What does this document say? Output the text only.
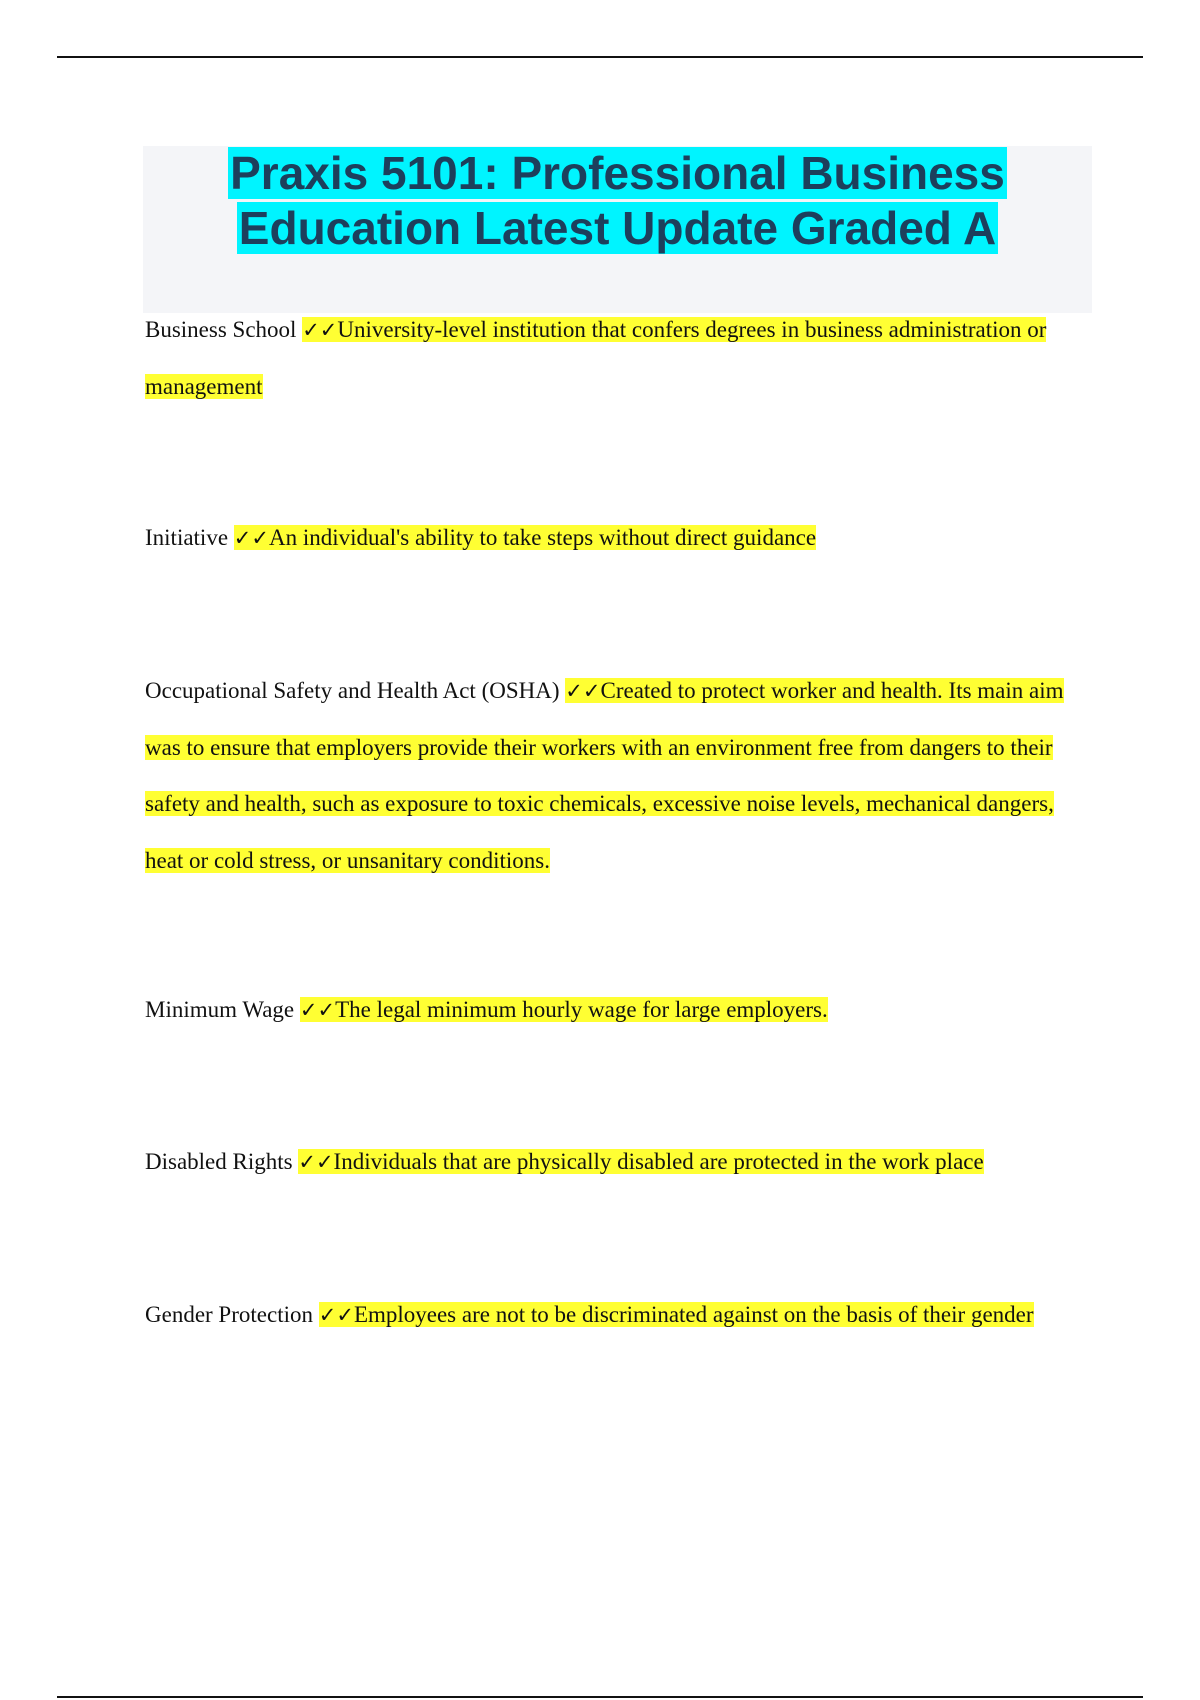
Praxis 5101: Professional Business
Education Latest Update Graded A

Business School ✓✓University-level institution that confers degrees in business administration or management

Initiative ✓✓An individual's ability to take steps without direct guidance

Occupational Safety and Health Act (OSHA) ✓✓Created to protect worker and health. Its main aim was to ensure that employers provide their workers with an environment free from dangers to their safety and health, such as exposure to toxic chemicals, excessive noise levels, mechanical dangers, heat or cold stress, or unsanitary conditions.

Minimum Wage ✓✓The legal minimum hourly wage for large employers.

Disabled Rights ✓✓Individuals that are physically disabled are protected in the work place

Gender Protection ✓✓Employees are not to be discriminated against on the basis of their gender
